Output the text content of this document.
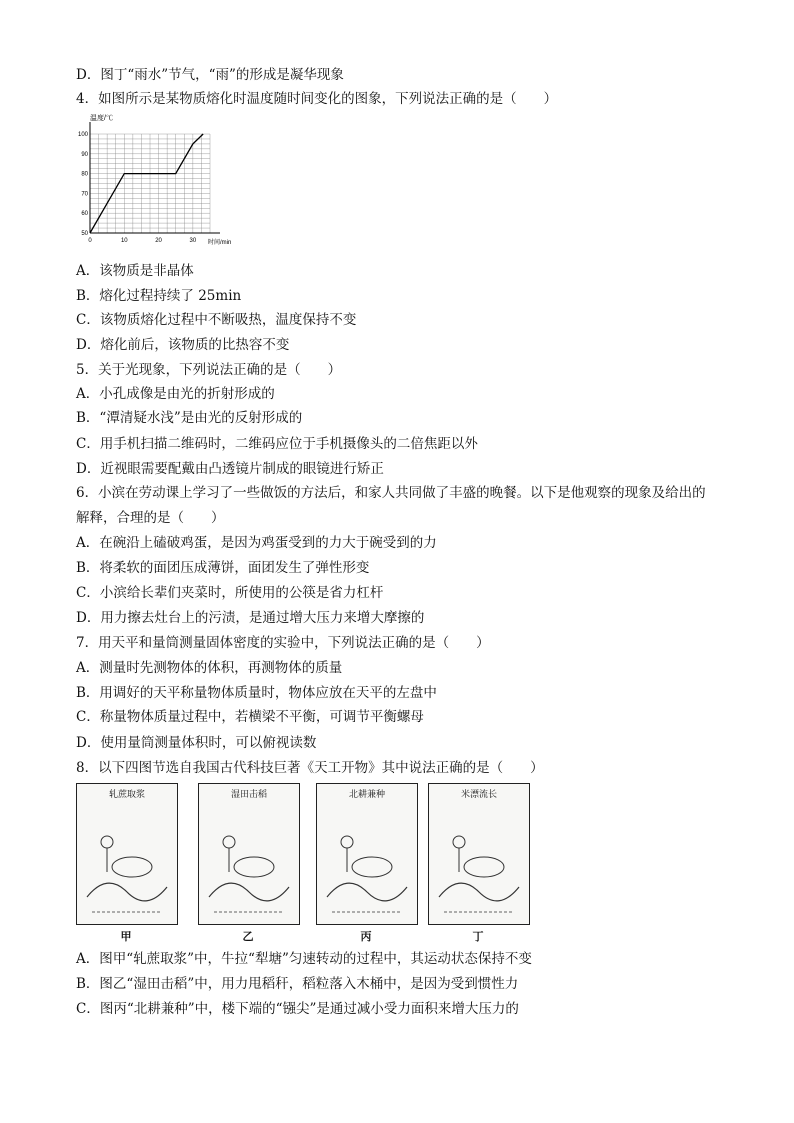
D．图丁“雨水”节气，“雨”的形成是凝华现象
4．如图所示是某物质熔化时温度随时间变化的图象，下列说法正确的是（　　）
A．该物质是非晶体
B．熔化过程持续了 25min
C．该物质熔化过程中不断吸热，温度保持不变
D．熔化前后，该物质的比热容不变
5．关于光现象，下列说法正确的是（　　）
A．小孔成像是由光的折射形成的
B．“潭清疑水浅”是由光的反射形成的
C．用手机扫描二维码时，二维码应位于手机摄像头的二倍焦距以外
D．近视眼需要配戴由凸透镜片制成的眼镜进行矫正
6．小滨在劳动课上学习了一些做饭的方法后，和家人共同做了丰盛的晚餐。以下是他观察的现象及给出的
解释，合理的是（　　）
A．在碗沿上磕破鸡蛋，是因为鸡蛋受到的力大于碗受到的力
B．将柔软的面团压成薄饼，面团发生了弹性形变
C．小滨给长辈们夹菜时，所使用的公筷是省力杠杆
D．用力擦去灶台上的污渍，是通过增大压力来增大摩擦的
7．用天平和量筒测量固体密度的实验中，下列说法正确的是（　　）
A．测量时先测物体的体积，再测物体的质量
B．用调好的天平称量物体质量时，物体应放在天平的左盘中
C．称量物体质量过程中，若横梁不平衡，可调节平衡螺母
D．使用量筒测量体积时，可以俯视读数
8．以下四图节选自我国古代科技巨著《天工开物》其中说法正确的是（　　）
A．图甲“轧蔗取浆”中，牛拉“犁塘”匀速转动的过程中，其运动状态保持不变
B．图乙“湿田击稻”中，用力甩稻秆，稻粒落入木桶中，是因为受到惯性力
C．图丙“北耕兼种”中，楼下端的“镪尖”是通过减小受力面积来增大压力的
温度/℃
时间/min
50
60
70
80
90
100
0	10	20	30
轧蔗取浆
甲
湿田击稻
乙
北耕兼种
丙
米漂流长
丁
